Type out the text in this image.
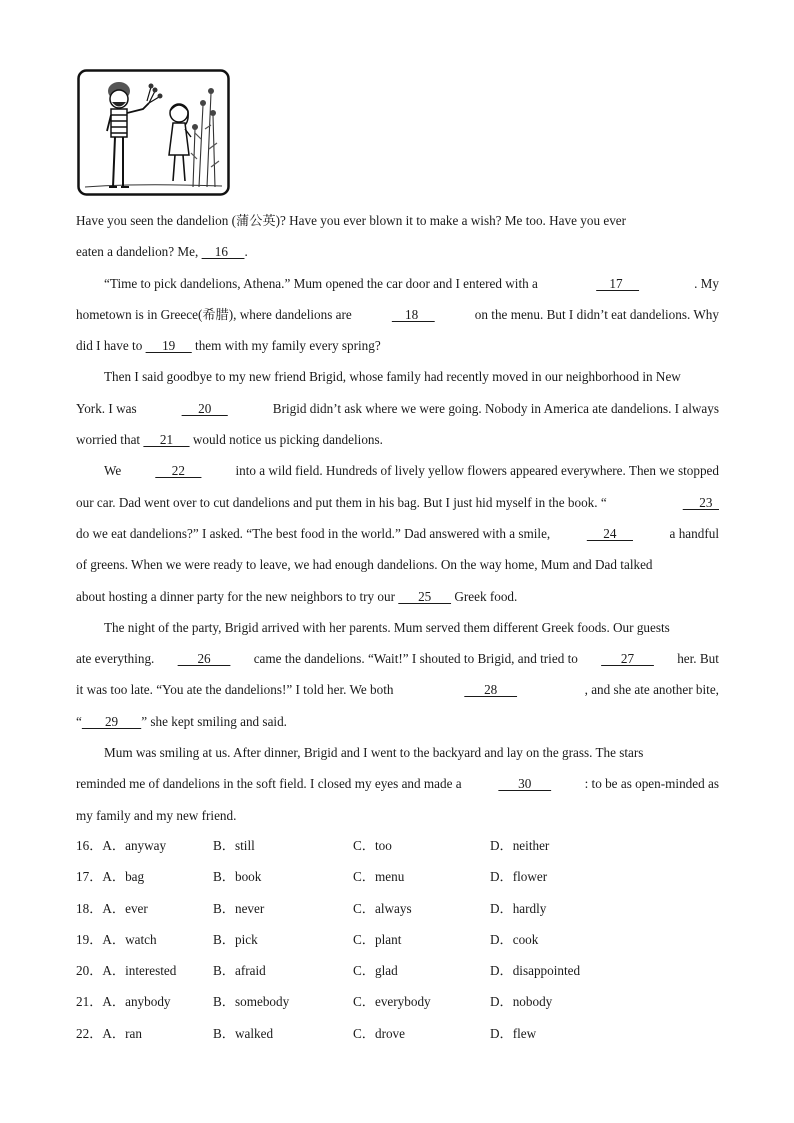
Have you seen the dandelion (蒲公英)? Have you ever blown it to make a wish? Me too. Have you ever
eaten a dandelion? Me, 16 .
“Time to pick dandelions, Athena.” Mum opened the car door and I entered with a	17	. My
hometown is in Greece(希腊), where dandelions are	18	on the menu. But I didn’t eat dandelions. Why
did I have to 19 them with my family every spring?
Then I said goodbye to my new friend Brigid, whose family had recently moved in our neighborhood in New
York. I was	20	Brigid didn’t ask where we were going. Nobody in America ate dandelions. I always
worried that 21 would notice us picking dandelions.
We 22 into a wild field. Hundreds of lively yellow flowers appeared everywhere. Then we stopped
our car. Dad went over to cut dandelions and put them in his bag. But I just hid myself in the book. “	23
do we eat dandelions?” I asked. “The best food in the world.” Dad answered with a smile,	24	a handful
of greens. When we were ready to leave, we had enough dandelions. On the way home, Mum and Dad talked
about hosting a dinner party for the new neighbors to try our 25 Greek food.
The night of the party, Brigid arrived with her parents. Mum served them different Greek foods. Our guests
ate everything. 26 came the dandelions. “Wait!” I shouted to Brigid, and tried to 27 her. But
it was too late. “You ate the dandelions!” I told her. We both	28	, and she ate another bite,
“ 29 ” she kept smiling and said.
Mum was smiling at us. After dinner, Brigid and I went to the backyard and lay on the grass. The stars
reminded me of dandelions in the soft field. I closed my eyes and made a	30	: to be as open-minded as
my family and my new friend.
16．A．anyway	B．still	C．too	D．neither
17．A．bag	B．book	C．menu	D．flower
18．A．ever	B．never	C．always	D．hardly
19．A．watch	B．pick	C．plant	D．cook
20．A．interested	B．afraid	C．glad	D．disappointed
21．A．anybody	B．somebody	C．everybody	D．nobody
22．A．ran	B．walked	C．drove	D．flew
